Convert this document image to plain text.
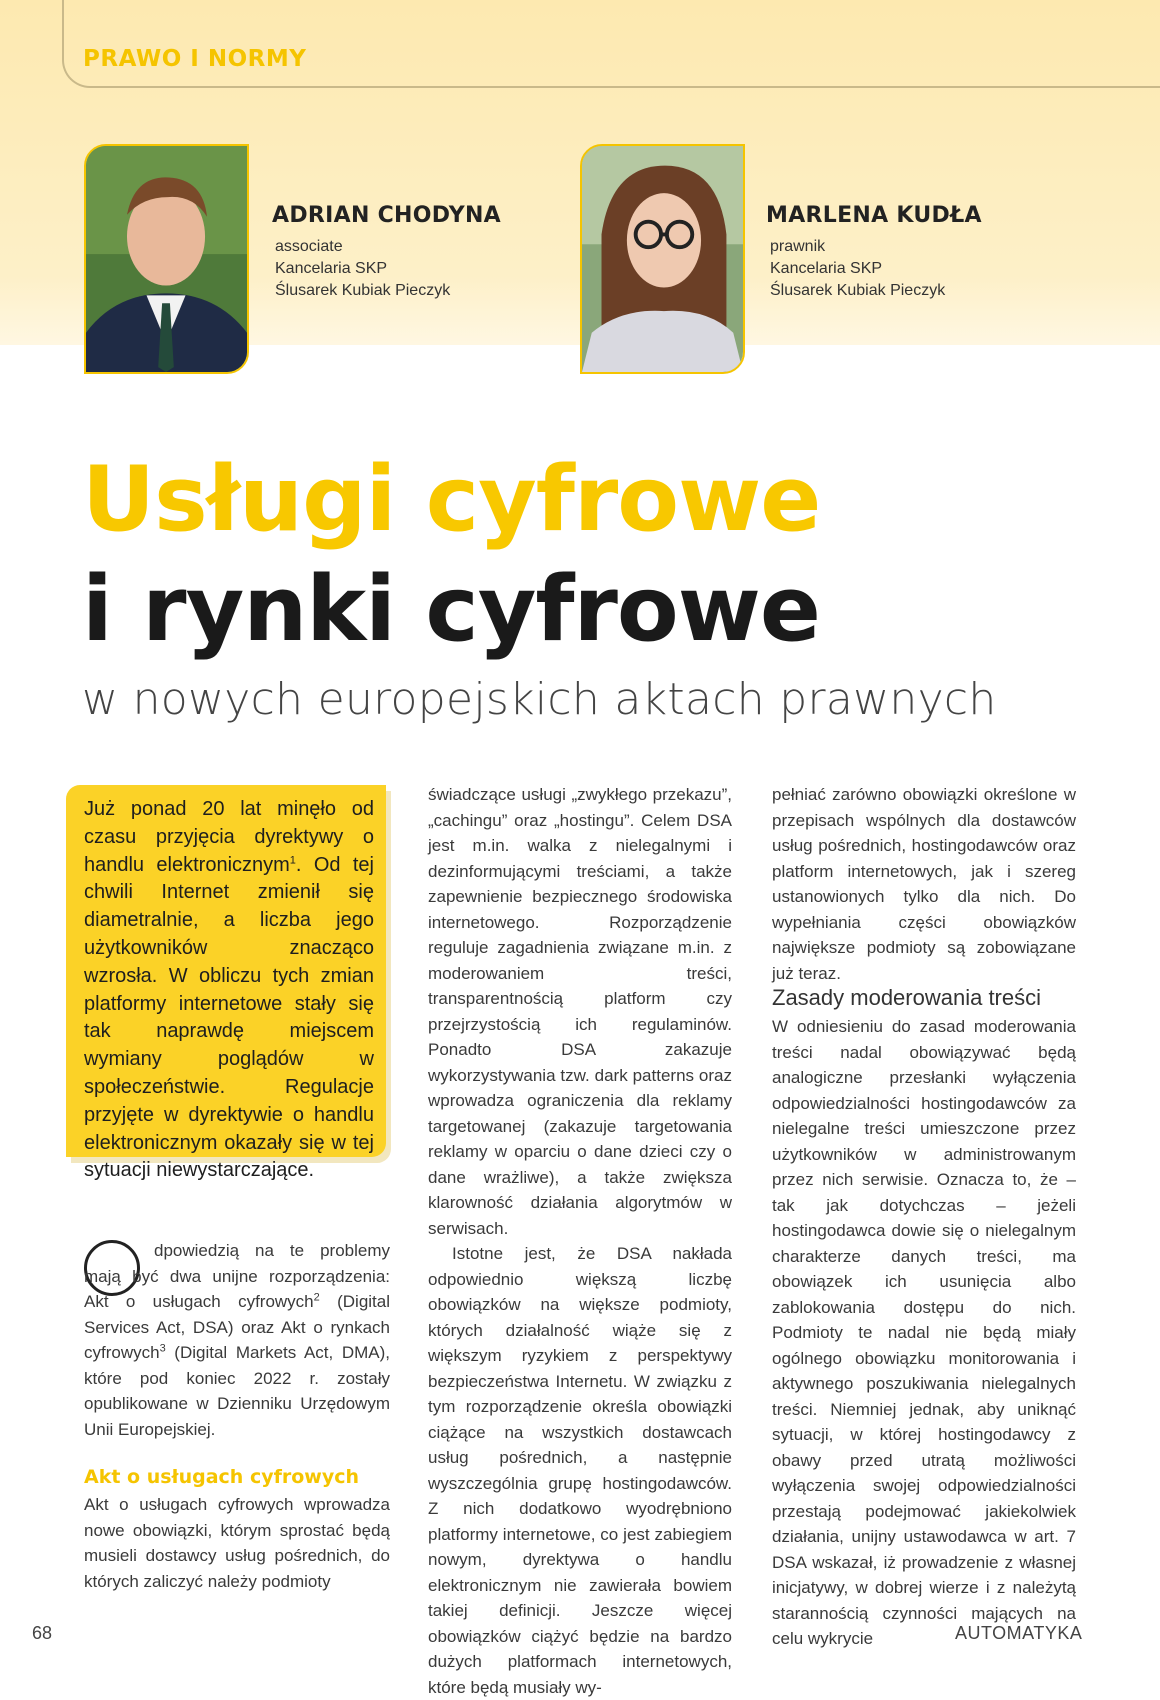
PRAWO I NORMY
ADRIAN CHODYNA
associate
Kancelaria SKP
Ślusarek Kubiak Pieczyk
MARLENA KUDŁA
prawnik
Kancelaria SKP
Ślusarek Kubiak Pieczyk
Usługi cyfrowe
i rynki cyfrowe
w nowych europejskich aktach prawnych
Już ponad 20 lat minęło od czasu przyjęcia dyrektywy o handlu elektronicznym$^1$. Od tej chwili Internet zmienił się diametralnie, a liczba jego użytkowników znacząco wzrosła. W obliczu tych zmian platformy internetowe stały się tak naprawdę miejscem wymiany poglądów w społeczeństwie. Regulacje przyjęte w dyrektywie o handlu elektronicznym okazały się w tej sytuacji niewystarczające.

dpowiedzią na te problemy mają być dwa unijne rozporządzenia: Akt o usługach cyfrowych$^2$ (Digital Services Act, DSA) oraz Akt o rynkach cyfrowych$^3$ (Digital Markets Act, DMA), które pod koniec 2022 r. zostały opublikowane w Dzienniku Urzędowym Unii Europejskiej.

Akt o usługach cyfrowych

Akt o usługach cyfrowych wprowadza nowe obowiązki, którym sprostać będą musieli dostawcy usług pośrednich, do których zaliczyć należy podmioty

świadczące usługi „zwykłego przekazu”, „cachingu” oraz „hostingu”. Celem DSA jest m.in. walka z nielegalnymi i dezinformującymi treściami, a także zapewnienie bezpiecznego środowiska internetowego. Rozporządzenie reguluje zagadnienia związane m.in. z moderowaniem treści, transparentnością platform czy przejrzystością ich regulaminów. Ponadto DSA zakazuje wykorzystywania tzw. dark patterns oraz wprowadza ograniczenia dla reklamy targetowanej (zakazuje targetowania reklamy w oparciu o dane dzieci czy o dane wrażliwe), a także zwiększa klarowność działania algorytmów w serwisach.

Istotne jest, że DSA nakłada odpowiednio większą liczbę obowiązków na większe podmioty, których działalność wiąże się z większym ryzykiem z perspektywy bezpieczeństwa Internetu. W związku z tym rozporządzenie określa obowiązki ciążące na wszystkich dostawcach usług pośrednich, a następnie wyszczególnia grupę hostingodawców. Z nich dodatkowo wyodrębniono platformy internetowe, co jest zabiegiem nowym, dyrektywa o handlu elektronicznym nie zawierała bowiem takiej definicji. Jeszcze więcej obowiązków ciążyć będzie na bardzo dużych platformach internetowych, które będą musiały wy-

pełniać zarówno obowiązki określone w przepisach wspólnych dla dostawców usług pośrednich, hostingodawców oraz platform internetowych, jak i szereg ustanowionych tylko dla nich. Do wypełniania części obowiązków największe podmioty są zobowiązane już teraz.

Zasady moderowania treści

W odniesieniu do zasad moderowania treści nadal obowiązywać będą analogiczne przesłanki wyłączenia odpowiedzialności hostingodawców za nielegalne treści umieszczone przez użytkowników w administrowanym przez nich serwisie. Oznacza to, że – tak jak dotychczas – jeżeli hostingodawca dowie się o nielegalnym charakterze danych treści, ma obowiązek ich usunięcia albo zablokowania dostępu do nich. Podmioty te nadal nie będą miały ogólnego obowiązku monitorowania i aktywnego poszukiwania nielegalnych treści. Niemniej jednak, aby uniknąć sytuacji, w której hostingodawcy z obawy przed utratą możliwości wyłączenia swojej odpowiedzialności przestają podejmować jakiekolwiek działania, unijny ustawodawca w art. 7 DSA wskazał, iż prowadzenie z własnej inicjatywy, w dobrej wierze i z należytą starannością czynności mających na celu wykrycie

68	AUTOMATYKA
